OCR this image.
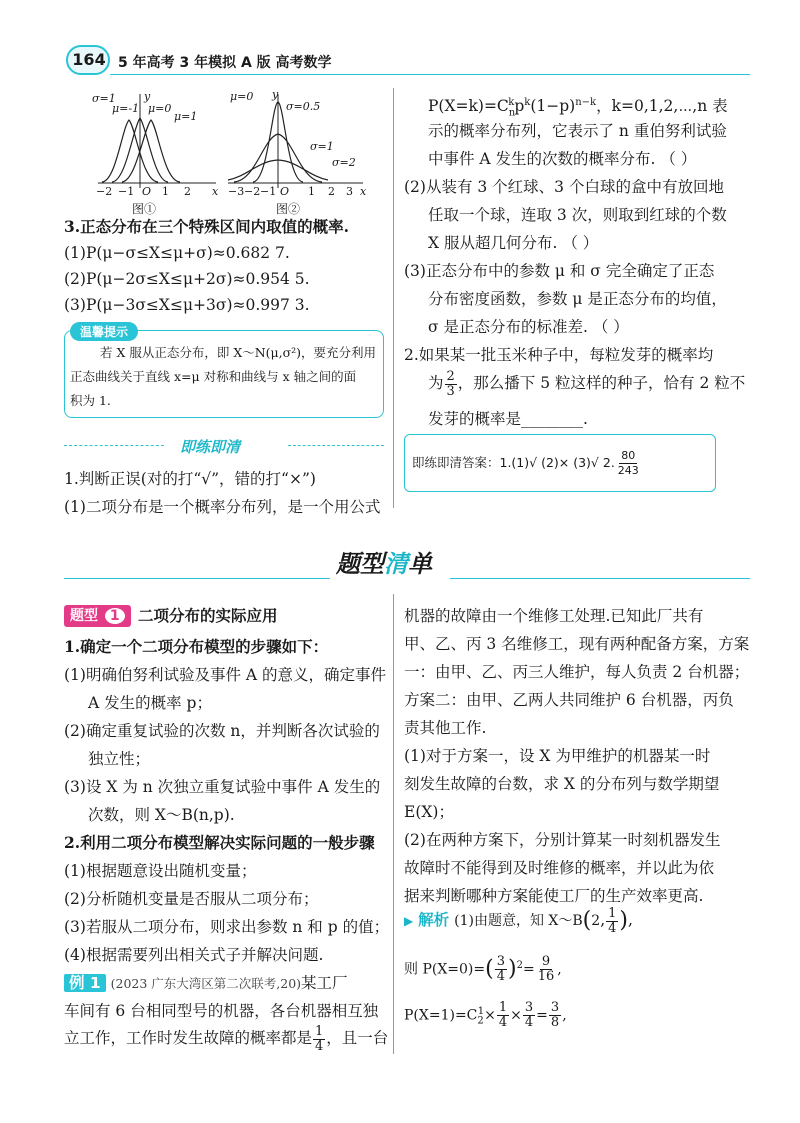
164 5 年高考 3 年模拟 A 版 高考数学
σ=1
μ=-1 μ=0
μ=1
y
O	x
−2 −1	1 2
图①
μ=0
σ=0.5
σ=1
σ=2
y
O	x
−3 −2 −1	1 2 3
图②
3.正态分布在三个特殊区间内取值的概率.
(1)P(μ−σ≤X≤μ+σ)≈0.682 7.
(2)P(μ−2σ≤X≤μ+2σ)≈0.954 5.
(3)P(μ−3σ≤X≤μ+3σ)≈0.997 3.
温馨提示
若 X 服从正态分布，即 X～N(μ,σ²)，要充分利用
正态曲线关于直线 x=μ 对称和曲线与 x 轴之间的面
积为 1.
即练即清
1.判断正误(对的打“√”，错的打“×”)
(1)二项分布是一个概率分布列，是一个用公式
$P(X=k)=C_n^kp^k(1-p)^{n-k}$，k=0,1,2,⋯,n 表
示的概率分布列，它表示了 n 重伯努利试验
中事件 A 发生的次数的概率分布. （ ）
(2)从装有 3 个红球、3 个白球的盒中有放回地
任取一个球，连取 3 次，则取到红球的个数
X 服从超几何分布. （ ）
(3)正态分布中的参数 μ 和 σ 完全确定了正态
分布密度函数，参数 μ 是正态分布的均值，
σ 是正态分布的标准差. （ ）
2.如果某一批玉米种子中，每粒发芽的概率均
为 $\frac{2}{3}$ ，那么播下 5 粒这样的种子，恰有 2 粒不
发芽的概率是________.
即练即清答案：1.(1)√ (2)× (3)√ 2. $\frac{80}{243}$
题型清单
题型 1	二项分布的实际应用
1.确定一个二项分布模型的步骤如下：
(1)明确伯努利试验及事件 A 的意义，确定事件
A 发生的概率 p；
(2)确定重复试验的次数 n，并判断各次试验的
独立性；
(3)设 X 为 n 次独立重复试验中事件 A 发生的
次数，则 X～B(n,p).
2.利用二项分布模型解决实际问题的一般步骤
(1)根据题意设出随机变量；
(2)分析随机变量是否服从二项分布；
(3)若服从二项分布，则求出参数 n 和 p 的值；
(4)根据需要列出相关式子并解决问题.
例 1 (2023 广东大湾区第二次联考,20)某工厂
车间有 6 台相同型号的机器，各台机器相互独
立工作，工作时发生故障的概率都是 $\frac{1}{4}$ ，且一台
机器的故障由一个维修工处理.已知此厂共有
甲、乙、丙 3 名维修工，现有两种配备方案，方案
一：由甲、乙、丙三人维护，每人负责 2 台机器；
方案二：由甲、乙两人共同维护 6 台机器，丙负
责其他工作.
(1)对于方案一，设 X 为甲维护的机器某一时
刻发生故障的台数，求 X 的分布列与数学期望
E(X)；
(2)在两种方案下，分别计算某一时刻机器发生
故障时不能得到及时维修的概率，并以此为依
据来判断哪种方案能使工厂的生产效率更高.
▶ 解析 (1)由题意，知 X～B(2, $\frac{1}{4}$ ),
则 $P(X=0)=( \frac{3}{4} )^2= \frac{9}{16}$ ,
$P(X=1)=C_2^1\times \frac{1}{4} \times \frac{3}{4} = \frac{3}{8}$ ,
